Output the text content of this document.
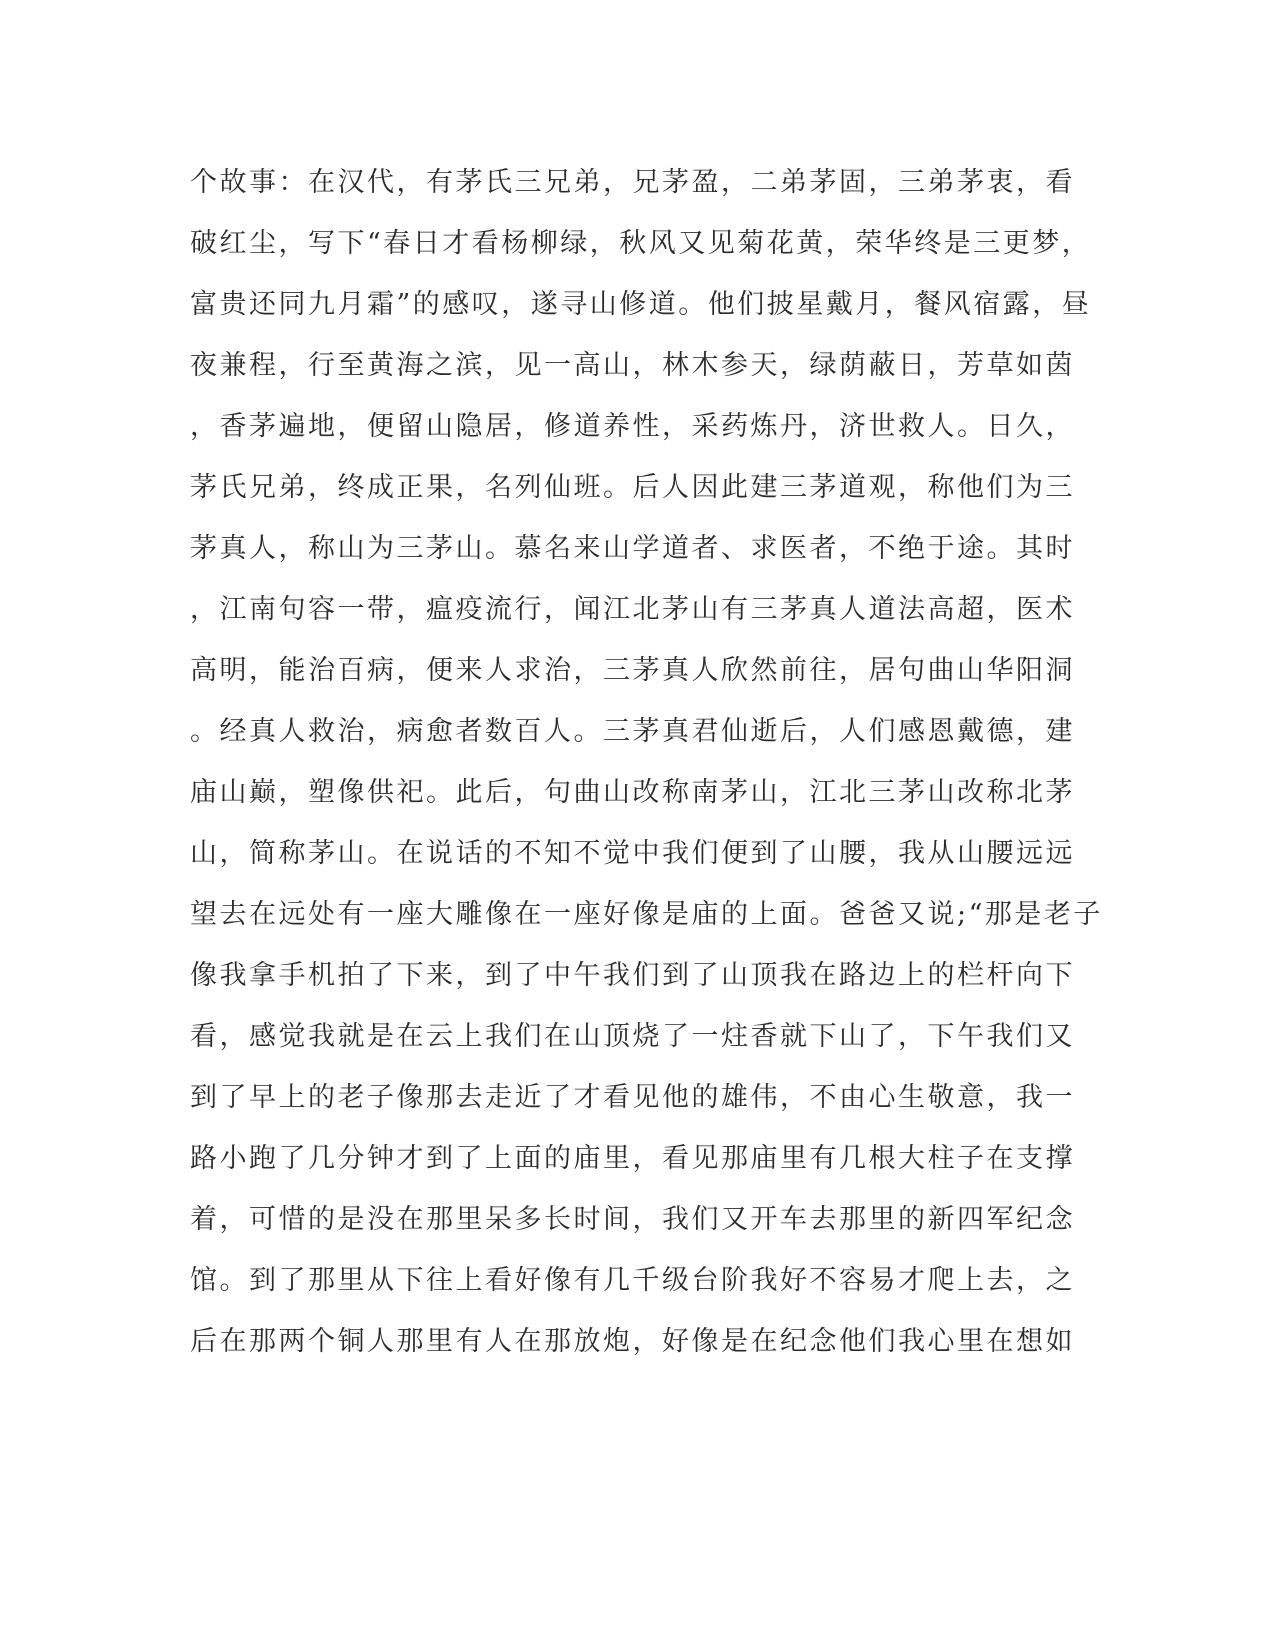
个故事：在汉代，有茅氏三兄弟，兄茅盈，二弟茅固，三弟茅衷，看
破红尘，写下“春日才看杨柳绿，秋风又见菊花黄，荣华终是三更梦，
富贵还同九月霜”的感叹，遂寻山修道。他们披星戴月，餐风宿露，昼
夜兼程，行至黄海之滨，见一高山，林木参天，绿荫蔽日，芳草如茵
，香茅遍地，便留山隐居，修道养性，采药炼丹，济世救人。日久，
茅氏兄弟，终成正果，名列仙班。后人因此建三茅道观，称他们为三
茅真人，称山为三茅山。慕名来山学道者、求医者，不绝于途。其时
，江南句容一带，瘟疫流行，闻江北茅山有三茅真人道法高超，医术
高明，能治百病，便来人求治，三茅真人欣然前往，居句曲山华阳洞
。经真人救治，病愈者数百人。三茅真君仙逝后，人们感恩戴德，建
庙山巅，塑像供祀。此后，句曲山改称南茅山，江北三茅山改称北茅
山，简称茅山。在说话的不知不觉中我们便到了山腰，我从山腰远远
望去在远处有一座大雕像在一座好像是庙的上面。爸爸又说;“那是老子
像我拿手机拍了下来，到了中午我们到了山顶我在路边上的栏杆向下
看，感觉我就是在云上我们在山顶烧了一炷香就下山了，下午我们又
到了早上的老子像那去走近了才看见他的雄伟，不由心生敬意，我一
路小跑了几分钟才到了上面的庙里，看见那庙里有几根大柱子在支撑
着，可惜的是没在那里呆多长时间，我们又开车去那里的新四军纪念
馆。到了那里从下往上看好像有几千级台阶我好不容易才爬上去，之
后在那两个铜人那里有人在那放炮，好像是在纪念他们我心里在想如
